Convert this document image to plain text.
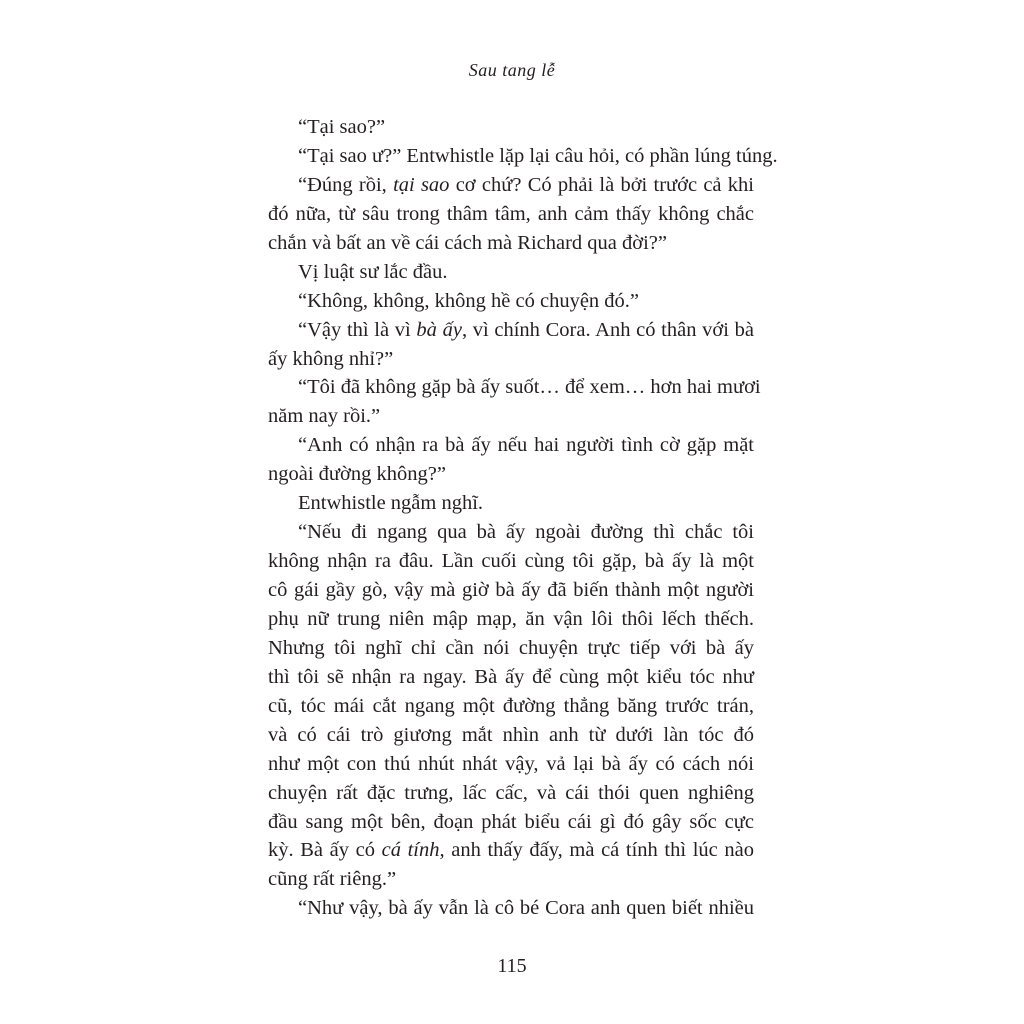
Sau tang lễ
“Tại sao?”
“Tại sao ư?” Entwhistle lặp lại câu hỏi, có phần lúng túng.
“Đúng rồi, tại sao cơ chứ? Có phải là bởi trước cả khi
đó nữa, từ sâu trong thâm tâm, anh cảm thấy không chắc
chắn và bất an về cái cách mà Richard qua đời?”
Vị luật sư lắc đầu.
“Không, không, không hề có chuyện đó.”
“Vậy thì là vì bà ấy, vì chính Cora. Anh có thân với bà
ấy không nhỉ?”
“Tôi đã không gặp bà ấy suốt… để xem… hơn hai mươi
năm nay rồi.”
“Anh có nhận ra bà ấy nếu hai người tình cờ gặp mặt
ngoài đường không?”
Entwhistle ngẫm nghĩ.
“Nếu đi ngang qua bà ấy ngoài đường thì chắc tôi
không nhận ra đâu. Lần cuối cùng tôi gặp, bà ấy là một
cô gái gầy gò, vậy mà giờ bà ấy đã biến thành một người
phụ nữ trung niên mập mạp, ăn vận lôi thôi lếch thếch.
Nhưng tôi nghĩ chỉ cần nói chuyện trực tiếp với bà ấy
thì tôi sẽ nhận ra ngay. Bà ấy để cùng một kiểu tóc như
cũ, tóc mái cắt ngang một đường thẳng băng trước trán,
và có cái trò giương mắt nhìn anh từ dưới làn tóc đó
như một con thú nhút nhát vậy, vả lại bà ấy có cách nói
chuyện rất đặc trưng, lấc cấc, và cái thói quen nghiêng
đầu sang một bên, đoạn phát biểu cái gì đó gây sốc cực
kỳ. Bà ấy có cá tính, anh thấy đấy, mà cá tính thì lúc nào
cũng rất riêng.”
“Như vậy, bà ấy vẫn là cô bé Cora anh quen biết nhiều
115
